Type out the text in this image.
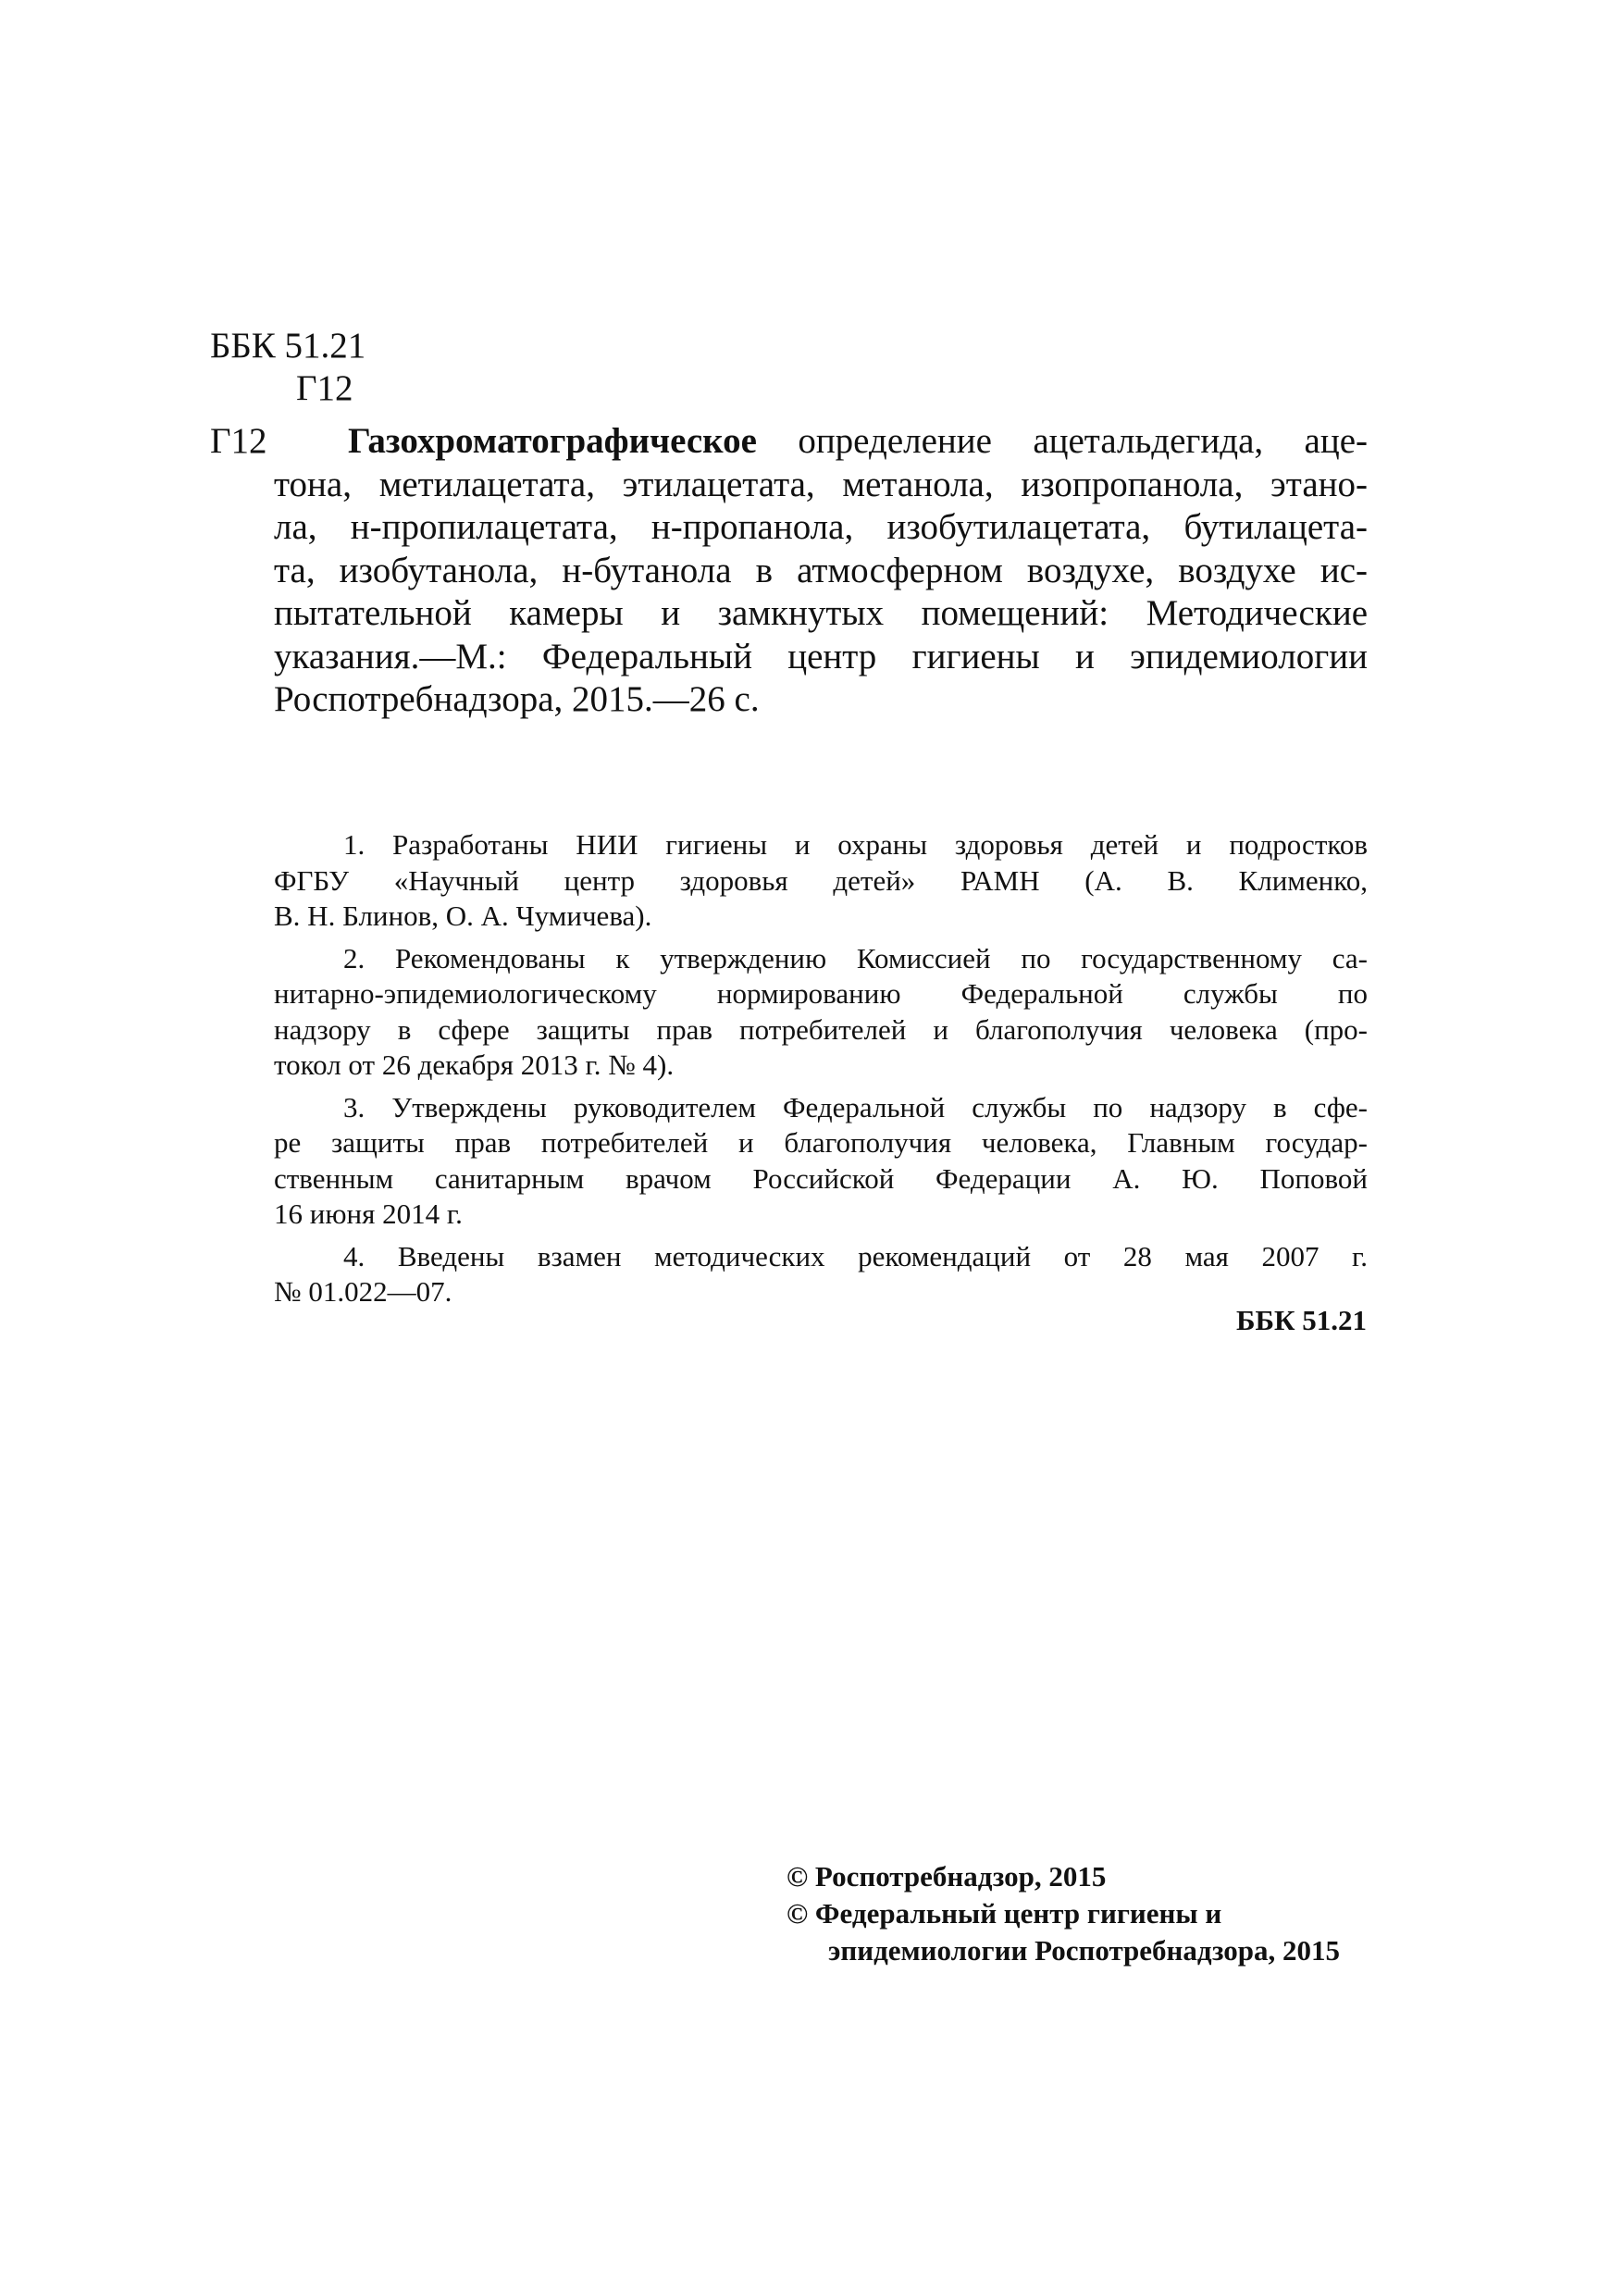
ББК 51.21
Г12
Г12	Газохроматографическое определение ацетальдегида, аце-
тона, метилацетата, этилацетата, метанола, изопропанола, этано-
ла, н-пропилацетата, н-пропанола, изобутилацетата, бутилацета-
та, изобутанола, н-бутанола в атмосферном воздухе, воздухе ис-
пытательной камеры и замкнутых помещений: Методические
указания.—М.: Федеральный центр гигиены и эпидемиологии
Роспотребнадзора, 2015.—26 с.
1. Разработаны НИИ гигиены и охраны здоровья детей и подростков
ФГБУ «Научный центр здоровья детей» РАМН (А. В. Клименко,
В. Н. Блинов, О. А. Чумичева).
2. Рекомендованы к утверждению Комиссией по государственному са-
нитарно-эпидемиологическому нормированию Федеральной службы по
надзору в сфере защиты прав потребителей и благополучия человека (про-
токол от 26 декабря 2013 г. № 4).
3. Утверждены руководителем Федеральной службы по надзору в сфе-
ре защиты прав потребителей и благополучия человека, Главным государ-
ственным санитарным врачом Российской Федерации А. Ю. Поповой
16 июня 2014 г.
4. Введены взамен методических рекомендаций от 28 мая 2007 г.
№ 01.022—07.
ББК 51.21
© Роспотребнадзор, 2015
© Федеральный центр гигиены и
эпидемиологии Роспотребнадзора, 2015
